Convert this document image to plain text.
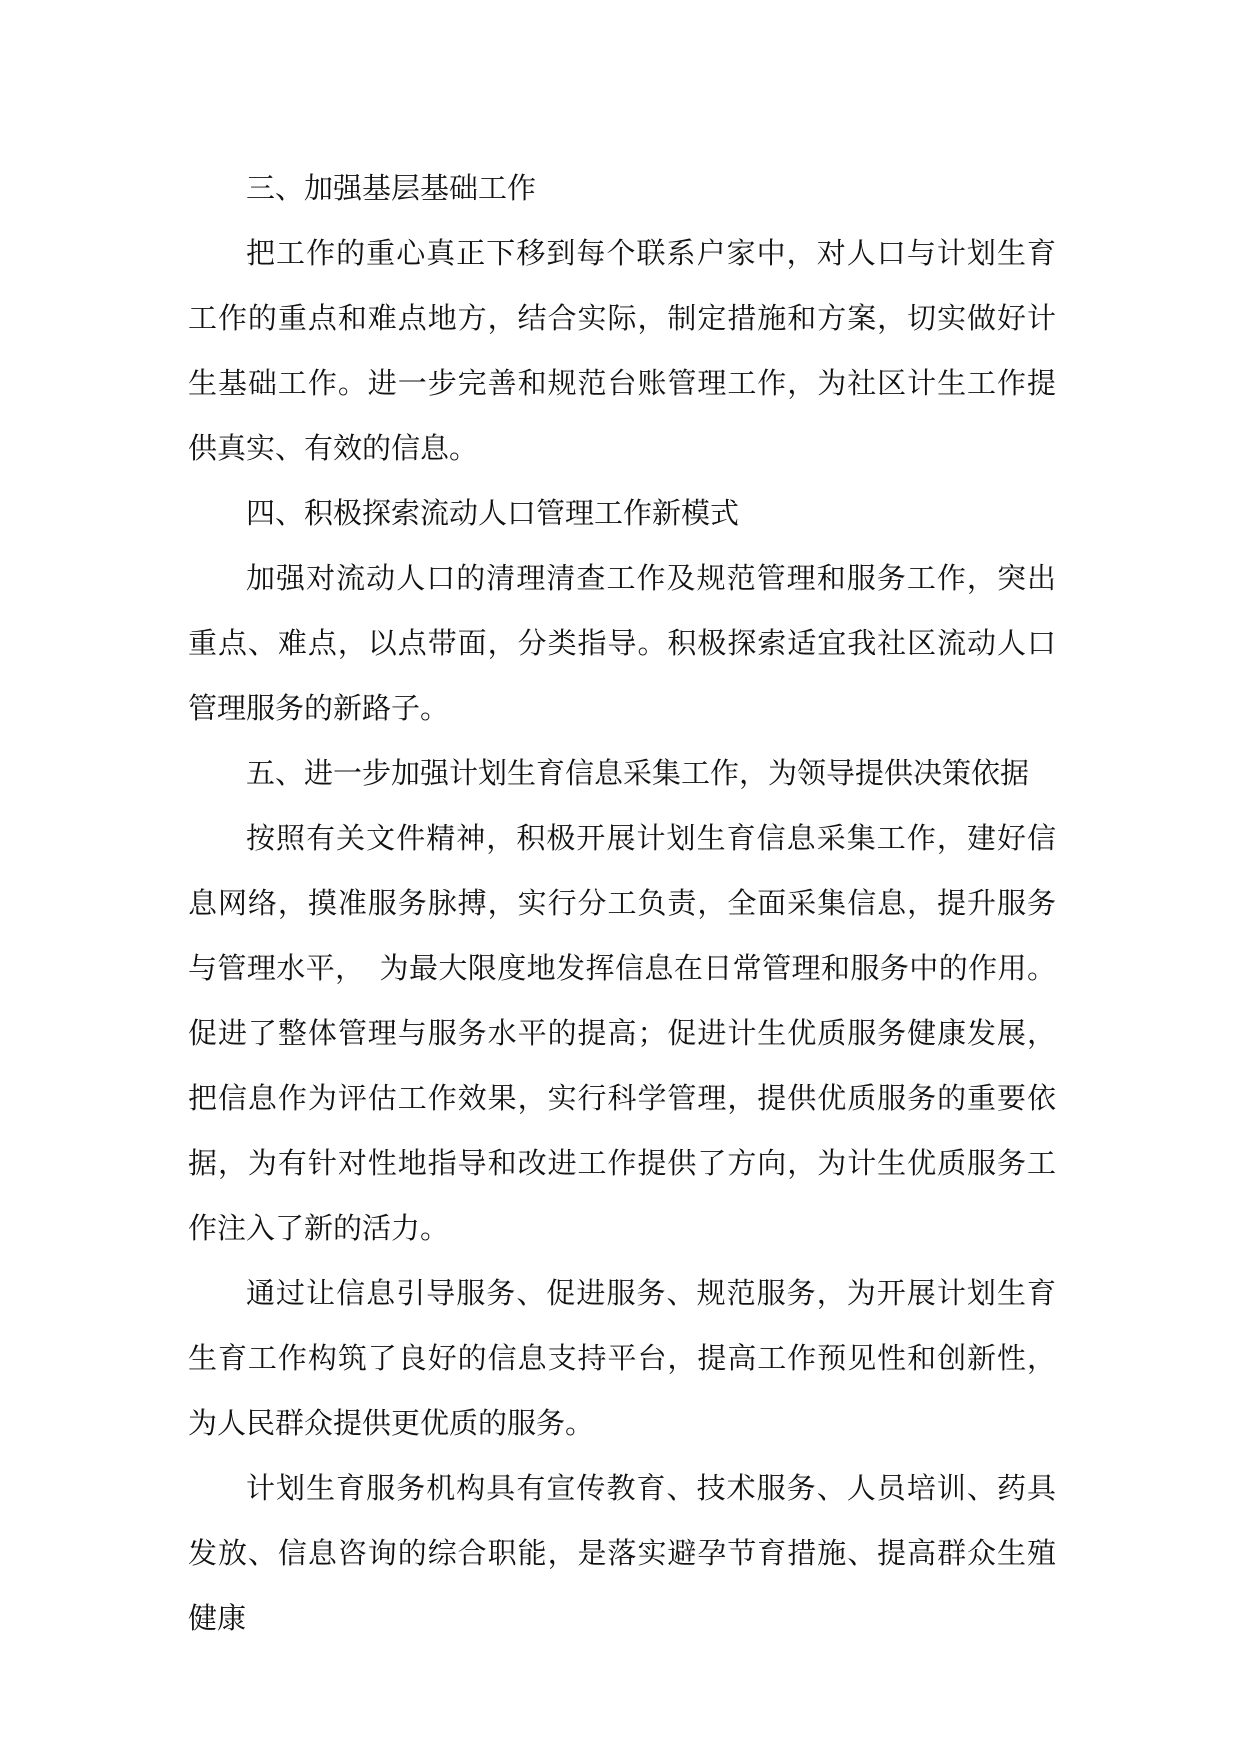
三、加强基层基础工作

把工作的重心真正下移到每个联系户家中，对人口与计划生育工作的重点和难点地方，结合实际，制定措施和方案，切实做好计生基础工作。进一步完善和规范台账管理工作，为社区计生工作提供真实、有效的信息。

四、积极探索流动人口管理工作新模式

加强对流动人口的清理清查工作及规范管理和服务工作，突出重点、难点，以点带面，分类指导。积极探索适宜我社区流动人口管理服务的新路子。

五、进一步加强计划生育信息采集工作，为领导提供决策依据

按照有关文件精神，积极开展计划生育信息采集工作，建好信息网络，摸准服务脉搏，实行分工负责，全面采集信息，提升服务与管理水平，　为最大限度地发挥信息在日常管理和服务中的作用。促进了整体管理与服务水平的提高；促进计生优质服务健康发展，把信息作为评估工作效果，实行科学管理，提供优质服务的重要依据，为有针对性地指导和改进工作提供了方向，为计生优质服务工作注入了新的活力。

通过让信息引导服务、促进服务、规范服务，为开展计划生育生育工作构筑了良好的信息支持平台，提高工作预见性和创新性，为人民群众提供更优质的服务。

计划生育服务机构具有宣传教育、技术服务、人员培训、药具发放、信息咨询的综合职能，是落实避孕节育措施、提高群众生殖健康
